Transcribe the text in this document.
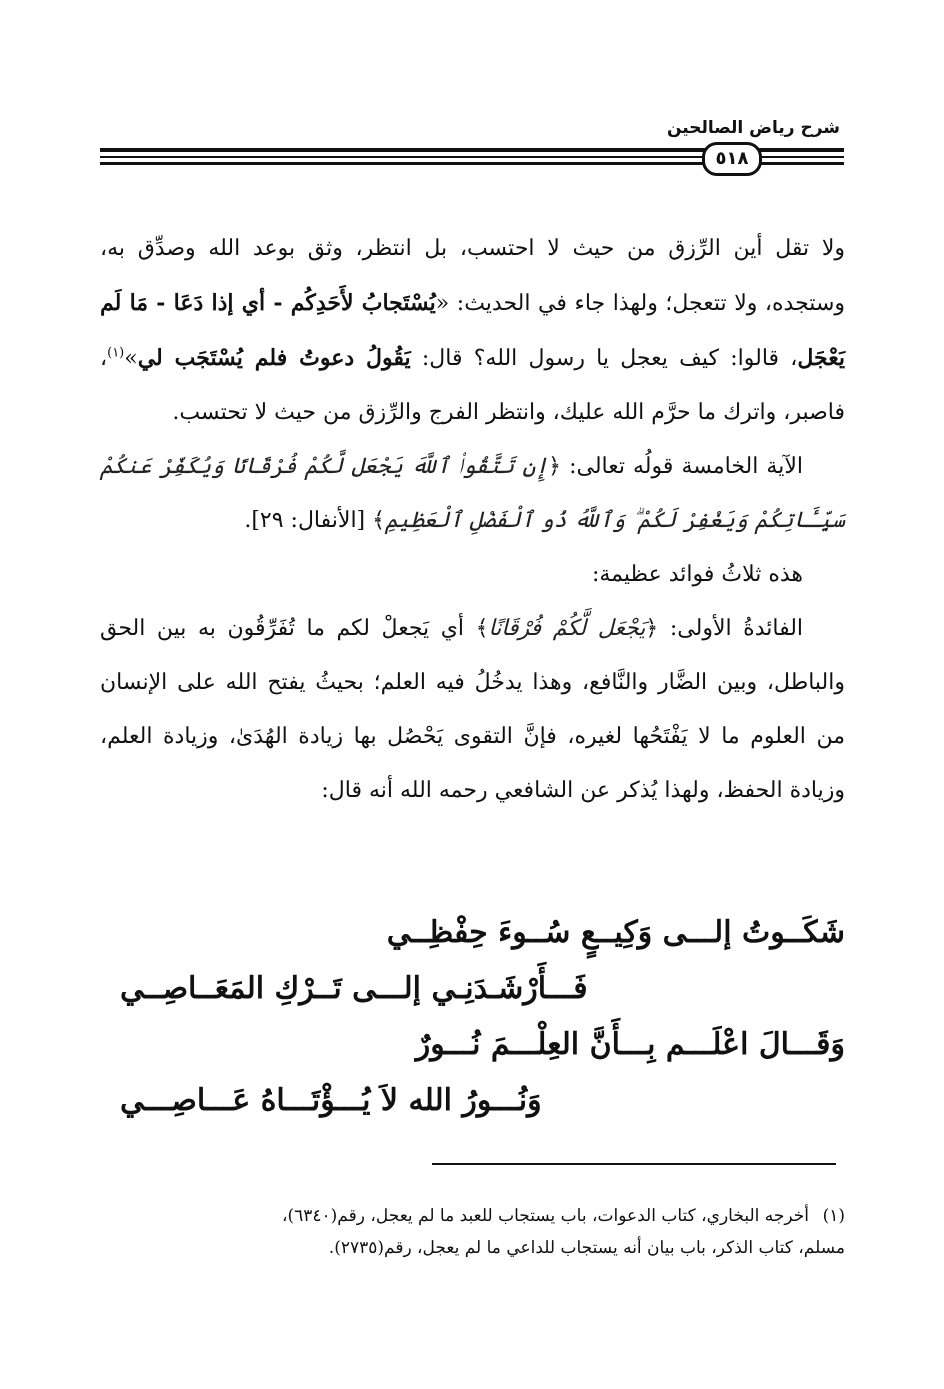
شرح رياض الصالحين
٥١٨

ولا تقل أين الرِّزق من حيث لا احتسب، بل انتظر، وثق بوعد الله وصدِّق به، وستجده، ولا تتعجل؛ ولهذا جاء في الحديث: «يُسْتَجابُ لأَحَدِكُم - أي إذا دَعَا - مَا لَم يَعْجَل، قالوا: كيف يعجل يا رسول الله؟ قال: يَقُولُ دعوتُ فلم يُسْتَجَب لي»$^{(١)}$، فاصبر، واترك ما حرَّم الله عليك، وانتظر الفرج والرِّزق من حيث لا تحتسب.

الآية الخامسة قولُه تعالى: ﴿إِن تَتَّقُوا۟ ٱللَّهَ يَجْعَل لَّكُمْ فُرْقَانًا وَيُكَفِّرْ عَنكُمْ سَيِّـَٔاتِكُمْ وَيَغْفِرْ لَكُمْ ۗ وَٱللَّهُ ذُو ٱلْفَضْلِ ٱلْعَظِيمِ﴾ [الأنفال: ٢٩].

هذه ثلاثُ فوائد عظيمة:

الفائدةُ الأولى: ﴿يَجْعَل لَّكُمْ فُرْقَانًا﴾ أي يَجعلْ لكم ما تُفَرِّقُون به بين الحق والباطل، وبين الضَّار والنَّافع، وهذا يدخُلُ فيه العلم؛ بحيثُ يفتح الله على الإنسان من العلوم ما لا يَفْتَحُها لغيره، فإنَّ التقوى يَحْصُل بها زيادة الهُدَىٰ، وزيادة العلم، وزيادة الحفظ، ولهذا يُذكر عن الشافعي رحمه الله أنه قال:

شَكَــوتُ إلـــى وَكِيــعٍ سُــوءَ حِفْظِــي
فَـــأَرْشَـدَنِـي إلـــى تَــرْكِ المَعَــاصِــي
وَقَـــالَ اعْلَـــم بِـــأَنَّ العِلْـــمَ نُـــورٌ
وَنُـــورُ الله لاَ يُـــؤْتَـــاهُ عَـــاصِـــي

(١)أخرجه البخاري، كتاب الدعوات، باب يستجاب للعبد ما لم يعجل، رقم(٦٣٤٠)،

مسلم، كتاب الذكر، باب بيان أنه يستجاب للداعي ما لم يعجل، رقم(٢٧٣٥).
